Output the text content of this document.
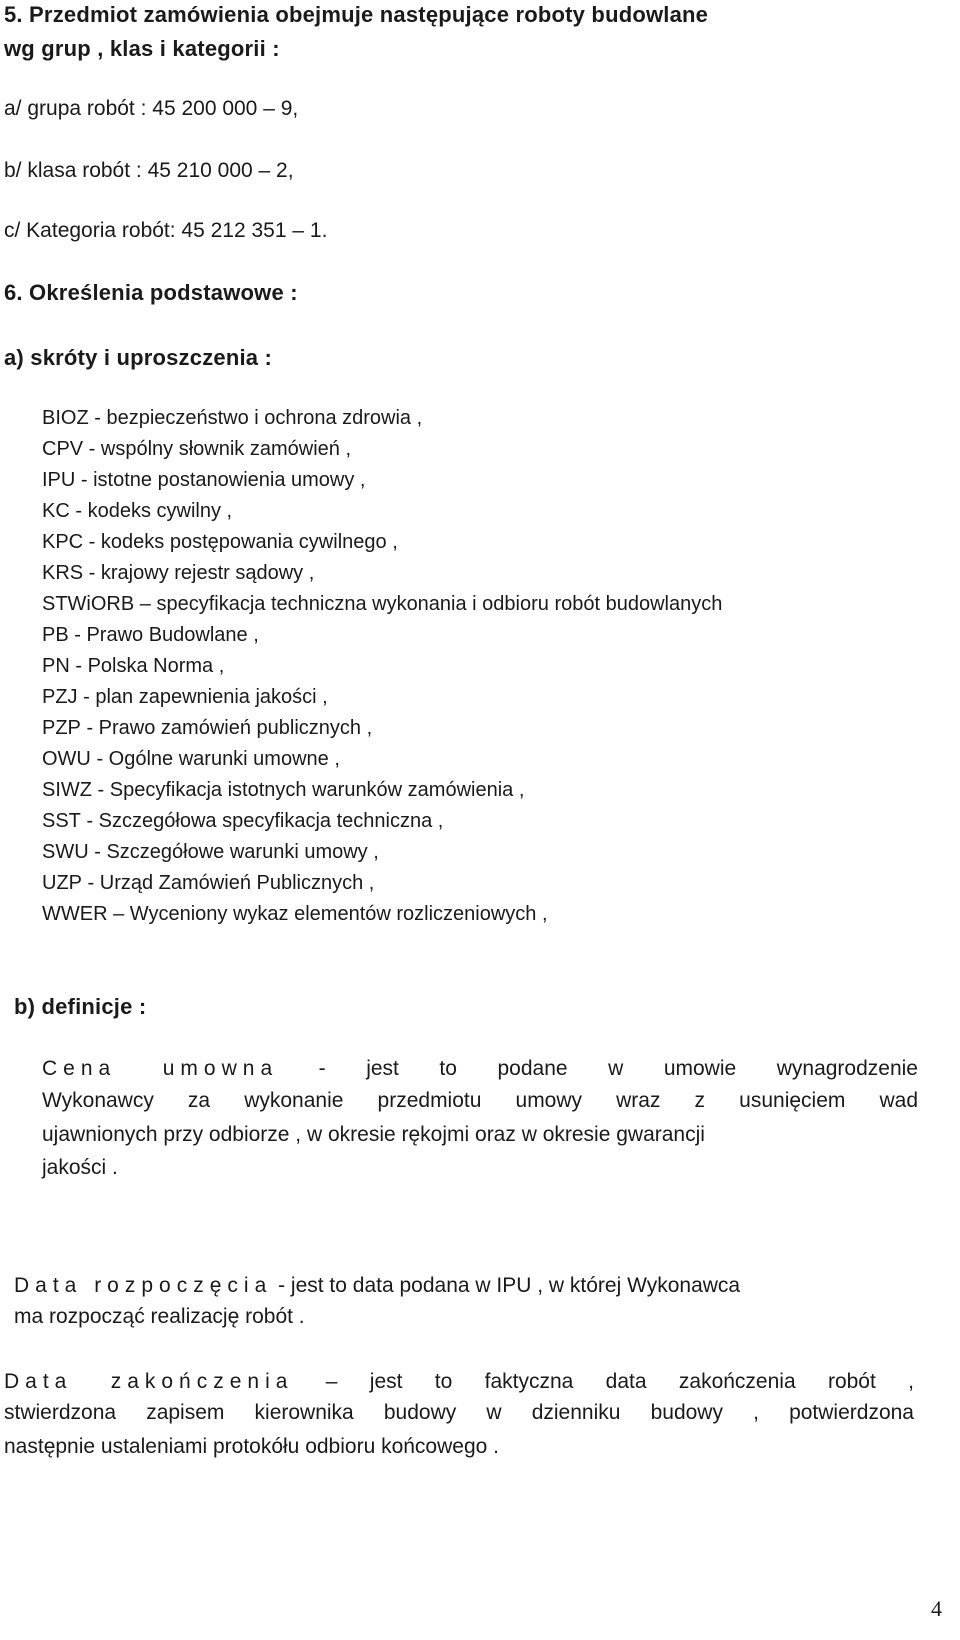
5. Przedmiot zamówienia obejmuje następujące roboty budowlane
wg grup , klas i kategorii :
a/ grupa robót : 45 200 000 – 9,
b/ klasa robót : 45 210 000 – 2,
c/ Kategoria robót: 45 212 351 – 1.
6. Określenia podstawowe :
a) skróty i uproszczenia :
BIOZ - bezpieczeństwo i ochrona zdrowia ,
CPV - wspólny słownik zamówień ,
IPU - istotne postanowienia umowy ,
KC - kodeks cywilny ,
KPC - kodeks postępowania cywilnego ,
KRS - krajowy rejestr sądowy ,
STWiORB – specyfikacja techniczna wykonania i odbioru robót budowlanych
PB - Prawo Budowlane ,
PN - Polska Norma ,
PZJ - plan zapewnienia jakości ,
PZP - Prawo zamówień publicznych ,
OWU - Ogólne warunki umowne ,
SIWZ - Specyfikacja istotnych warunków zamówienia ,
SST - Szczegółowa specyfikacja techniczna ,
SWU - Szczegółowe warunki umowy ,
UZP - Urząd Zamówień Publicznych ,
WWER – Wyceniony wykaz elementów rozliczeniowych ,
b) definicje :
Cena umowna - jest to podane w umowie wynagrodzenie
Wykonawcy za wykonanie przedmiotu umowy wraz z usunięciem wad
ujawnionych przy odbiorze , w okresie rękojmi oraz w okresie gwarancji
jakości .
Data rozpoczęcia - jest to data podana w IPU , w której Wykonawca
ma rozpocząć realizację robót .
Data zakończenia – jest to faktyczna data zakończenia robót ,
stwierdzona zapisem kierownika budowy w dzienniku budowy , potwierdzona
następnie ustaleniami protokółu odbioru końcowego .
4
